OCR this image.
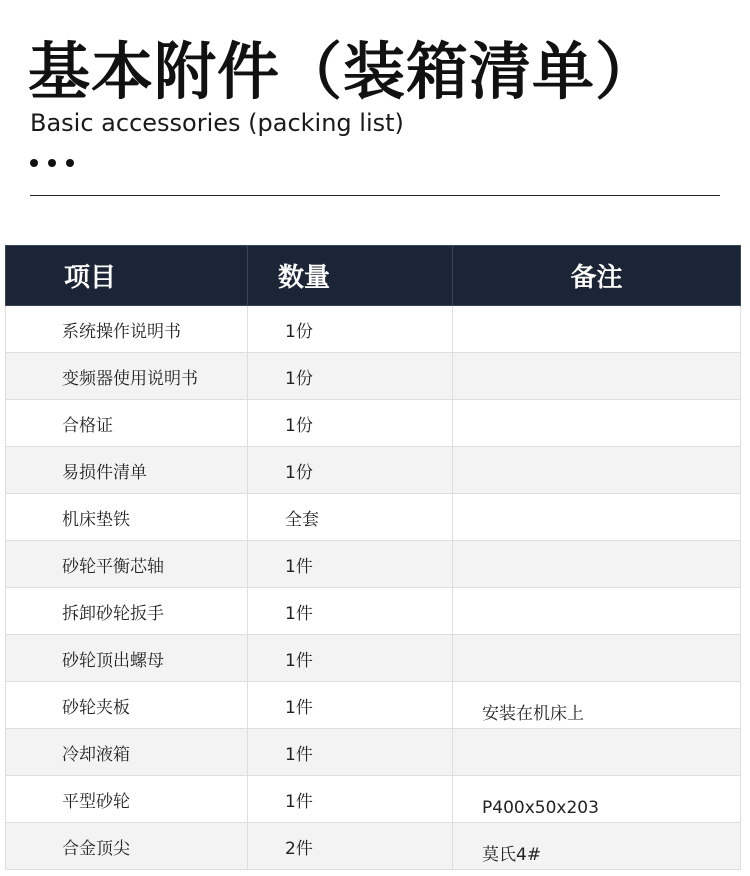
基本附件（装箱清单）
Basic accessories (packing list)
项目	数量	备注
系统操作说明书	1份	
变频器使用说明书	1份	
合格证	1份	
易损件清单	1份	
机床垫铁	全套	
砂轮平衡芯轴	1件	
拆卸砂轮扳手	1件	
砂轮顶出螺母	1件	
砂轮夹板	1件	安装在机床上
冷却液箱	1件	
平型砂轮	1件	P400x50x203
合金顶尖	2件	莫氏4#
